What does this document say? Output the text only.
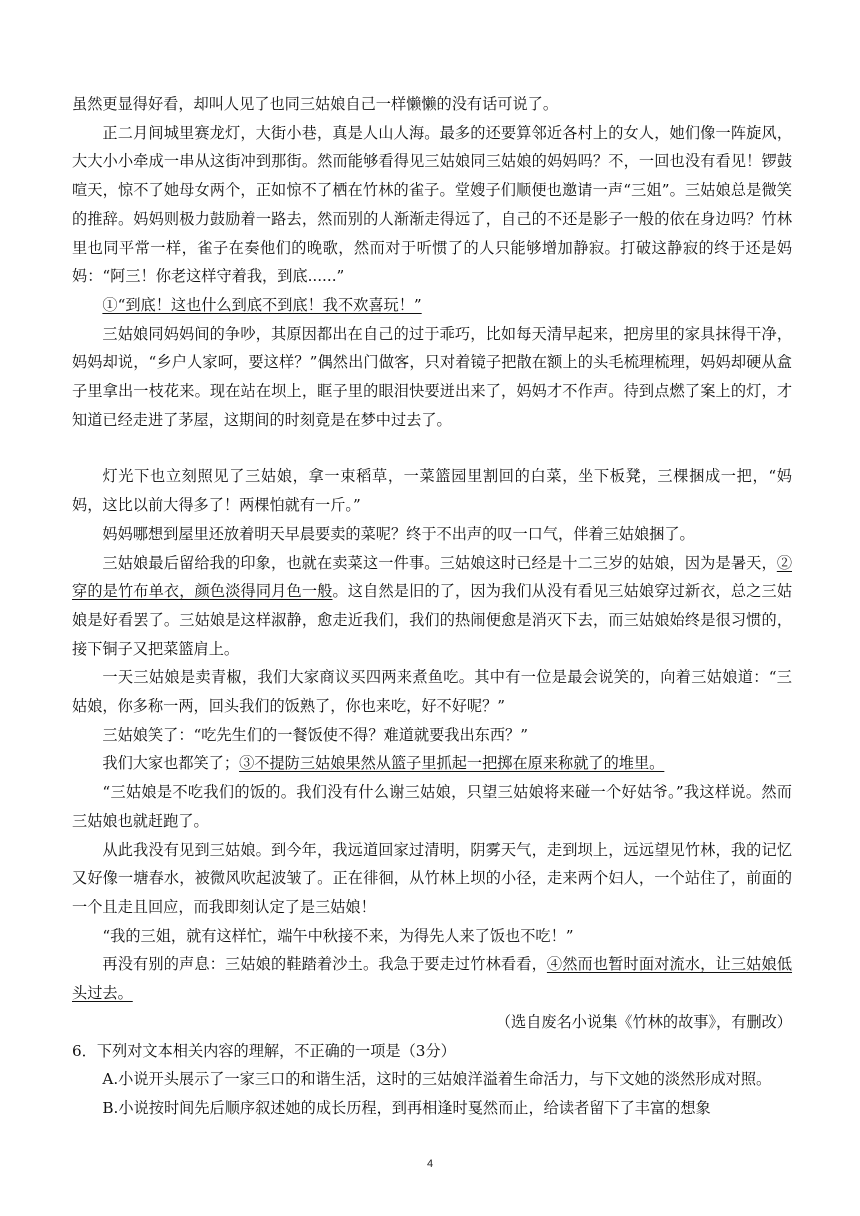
虽然更显得好看，却叫人见了也同三姑娘自己一样懒懒的没有话可说了。

正二月间城里赛龙灯，大街小巷，真是人山人海。最多的还要算邻近各村上的女人，她们像一阵旋风，大大小小牵成一串从这街冲到那街。然而能够看得见三姑娘同三姑娘的妈妈吗？不，一回也没有看见！锣鼓喧天，惊不了她母女两个，正如惊不了栖在竹林的雀子。堂嫂子们顺便也邀请一声“三姐”。三姑娘总是微笑的推辞。妈妈则极力鼓励着一路去，然而别的人渐渐走得远了，自己的不还是影子一般的依在身边吗？竹林里也同平常一样，雀子在奏他们的晚歌，然而对于听惯了的人只能够增加静寂。打破这静寂的终于还是妈妈：“阿三！你老这样守着我，到底......”

①“到底！这也什么到底不到底！我不欢喜玩！”

三姑娘同妈妈间的争吵，其原因都出在自己的过于乖巧，比如每天清早起来，把房里的家具抹得干净，妈妈却说，“乡户人家呵，要这样？”偶然出门做客，只对着镜子把散在额上的头毛梳理梳理，妈妈却硬从盒子里拿出一枝花来。现在站在坝上，眶子里的眼泪快要迸出来了，妈妈才不作声。待到点燃了案上的灯，才知道已经走进了茅屋，这期间的时刻竟是在梦中过去了。

灯光下也立刻照见了三姑娘，拿一束稻草，一菜篮园里割回的白菜，坐下板凳，三棵捆成一把，“妈妈，这比以前大得多了！两棵怕就有一斤。”

妈妈哪想到屋里还放着明天早晨要卖的菜呢？终于不出声的叹一口气，伴着三姑娘捆了。

三姑娘最后留给我的印象，也就在卖菜这一件事。三姑娘这时已经是十二三岁的姑娘，因为是暑天，②穿的是竹布单衣，颜色淡得同月色一般。这自然是旧的了，因为我们从没有看见三姑娘穿过新衣，总之三姑娘是好看罢了。三姑娘是这样淑静，愈走近我们，我们的热闹便愈是消灭下去，而三姑娘始终是很习惯的，接下铜子又把菜篮肩上。

一天三姑娘是卖青椒，我们大家商议买四两来煮鱼吃。其中有一位是最会说笑的，向着三姑娘道：“三姑娘，你多称一两，回头我们的饭熟了，你也来吃，好不好呢？”

三姑娘笑了：“吃先生们的一餐饭使不得？难道就要我出东西？”

我们大家也都笑了；③不提防三姑娘果然从篮子里抓起一把掷在原来称就了的堆里。

“三姑娘是不吃我们的饭的。我们没有什么谢三姑娘，只望三姑娘将来碰一个好姑爷。”我这样说。然而三姑娘也就赶跑了。

从此我没有见到三姑娘。到今年，我远道回家过清明，阴雾天气，走到坝上，远远望见竹林，我的记忆又好像一塘春水，被微风吹起波皱了。正在徘徊，从竹林上坝的小径，走来两个妇人，一个站住了，前面的一个且走且回应，而我即刻认定了是三姑娘！

“我的三姐，就有这样忙，端午中秋接不来，为得先人来了饭也不吃！”

再没有别的声息：三姑娘的鞋踏着沙土。我急于要走过竹林看看，④然而也暂时面对流水，让三姑娘低头过去。

（选自废名小说集《竹林的故事》，有删改）

6．下列对文本相关内容的理解，不正确的一项是（3分）

A.小说开头展示了一家三口的和谐生活，这时的三姑娘洋溢着生命活力，与下文她的淡然形成对照。

B.小说按时间先后顺序叙述她的成长历程，到再相逢时戛然而止，给读者留下了丰富的想象

4
